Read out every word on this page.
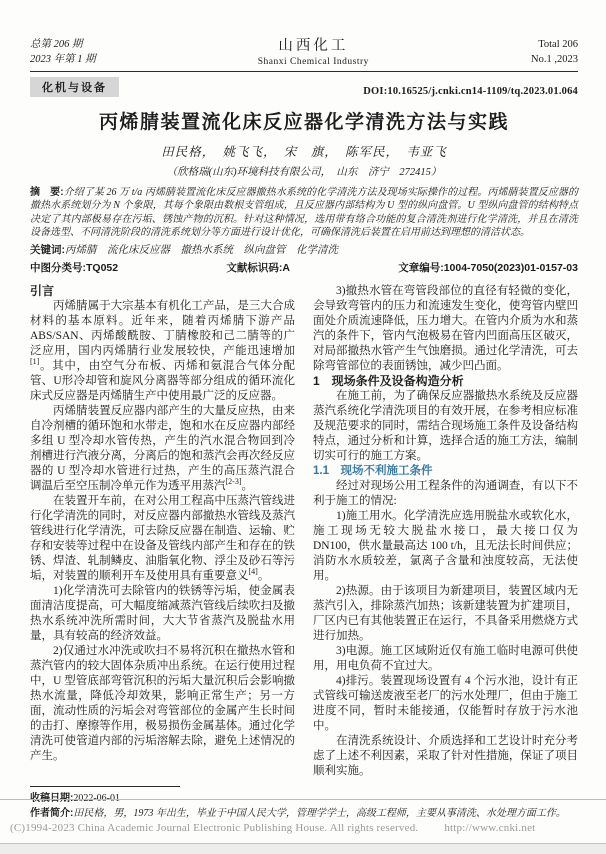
总第 206 期
2023 年第 1 期
山西化工
Shanxi Chemical Industry
Total 206
No.1 ,2023
化机与设备	DOI:10.16525/j.cnki.cn14-1109/tq.2023.01.064
丙烯腈装置流化床反应器化学清洗方法与实践
田民格，　姚飞飞，　宋　旗，　陈军民，　韦亚飞
（欣格瑞(山东)环境科技有限公司，　山东　济宁　272415）
摘　要:介绍了某 26 万 t/a 丙烯腈装置流化床反应器撤热水系统的化学清洗方法及现场实际操作的过程。丙烯腈装置反应器的撤热水系统划分为 N 个象限，其每个象限由数根支管组成，且反应器内部结构为 U 型的纵向盘管。U 型纵向盘管的结构特点决定了其内部极易存在污垢、锈蚀产物的沉积。针对这种情况，选用带有络合功能的复合清洗剂进行化学清洗，并且在清洗设备选型、不同清洗阶段的清洗系统划分等方面进行设计优化，可确保清洗后装置在启用前达到理想的清洁状态。
关键词:丙烯腈　流化床反应器　撤热水系统　纵向盘管　化学清洗
中图分类号:TQ052	文献标识码:A	文章编号:1004-7050(2023)01-0157-03
引言

丙烯腈属于大宗基本有机化工产品，是三大合成材料的基本原料。近年来，随着丙烯腈下游产品ABS/SAN、丙烯酸酰胺、丁腈橡胶和己二腈等的广泛应用，国内丙烯腈行业发展较快，产能迅速增加[1]。其中，由空气分布板、丙烯和氨混合气体分配管、U形冷却管和旋风分离器等部分组成的循环流化床式反应器是丙烯腈生产中使用最广泛的反应器。

丙烯腈装置反应器内部产生的大量反应热，由来自冷剂槽的循环饱和水带走，饱和水在反应器内部经多组 U 型冷却水管传热，产生的汽水混合物回到冷剂槽进行汽液分离，分离后的饱和蒸汽会再次经反应器的 U 型冷却水管进行过热，产生的高压蒸汽混合调温后至空压制冷单元作为透平用蒸汽[2-3]。

在装置开车前，在对公用工程高中压蒸汽管线进行化学清洗的同时，对反应器内部撤热水管线及蒸汽管线进行化学清洗，可去除反应器在制造、运输、贮存和安装等过程中在设备及管线内部产生和存在的铁锈、焊渣、轧制鳞皮、油脂氧化物、浮尘及砂石等污垢，对装置的顺利开车及使用具有重要意义[4]。

1)化学清洗可去除管内的铁锈等污垢，使金属表面清洁度提高，可大幅度缩减蒸汽管线后续吹扫及撤热水系统冲洗所需时间，大大节省蒸汽及脱盐水用量，具有较高的经济效益。

2)仅通过水冲洗或吹扫不易将沉积在撤热水管和蒸汽管内的较大固体杂质冲出系统。在运行使用过程中，U 型管底部弯管沉积的污垢大量沉积后会影响撤热水流量，降低冷却效果，影响正常生产；另一方面，流动性质的污垢会对弯管部位的金属产生长时间的击打、摩擦等作用，极易损伤金属基体。通过化学清洗可使管道内部的污垢溶解去除，避免上述情况的产生。

3)撤热水管在弯管段部位的直径有轻微的变化，会导致弯管内的压力和流速发生变化，使弯管内壁凹面处介质流速降低，压力增大。在管内介质为水和蒸汽的条件下，管内气泡极易在管内凹面高压区破灭，对局部撤热水管产生气蚀磨损。通过化学清洗，可去除弯管部位的表面锈蚀，减少凹凸面。

1　现场条件及设备构造分析

在施工前，为了确保反应器撤热水系统及反应器蒸汽系统化学清洗项目的有效开展，在参考相应标准及规范要求的同时，需结合现场施工条件及设备结构特点，通过分析和计算，选择合适的施工方法，编制切实可行的施工方案。

1.1　现场不利施工条件

经过对现场公用工程条件的沟通调查，有以下不利于施工的情况:

1)施工用水。化学清洗应选用脱盐水或软化水，施工现场无较大脱盐水接口，最大接口仅为 DN100，供水量最高达 100 t/h，且无法长时间供应；消防水水质较差，氯离子含量和浊度较高，无法使用。

2)热源。由于该项目为新建项目，装置区域内无蒸汽引入，排除蒸汽加热；该新建装置为扩建项目，厂区内已有其他装置正在运行，不具备采用燃烧方式进行加热。

3)电源。施工区域附近仅有施工临时电源可供使用，用电负荷不宜过大。

4)排污。装置现场设置有 4 个污水池，设计有正式管线可输送废液至老厂的污水处理厂，但由于施工进度不同，暂时未能接通，仅能暂时存放于污水池中。

在清洗系统设计、介质选择和工艺设计时充分考虑了上述不利因素，采取了针对性措施，保证了项目顺利实施。

收稿日期:2022-06-01
作者简介:田民格，男，1973 年出生，毕业于中国人民大学，管理学学士，高级工程师，主要从事清洗、水处理方面工作。
(C)1994-2023 China Academic Journal Electronic Publishing House. All rights reserved. http://www.cnki.net
